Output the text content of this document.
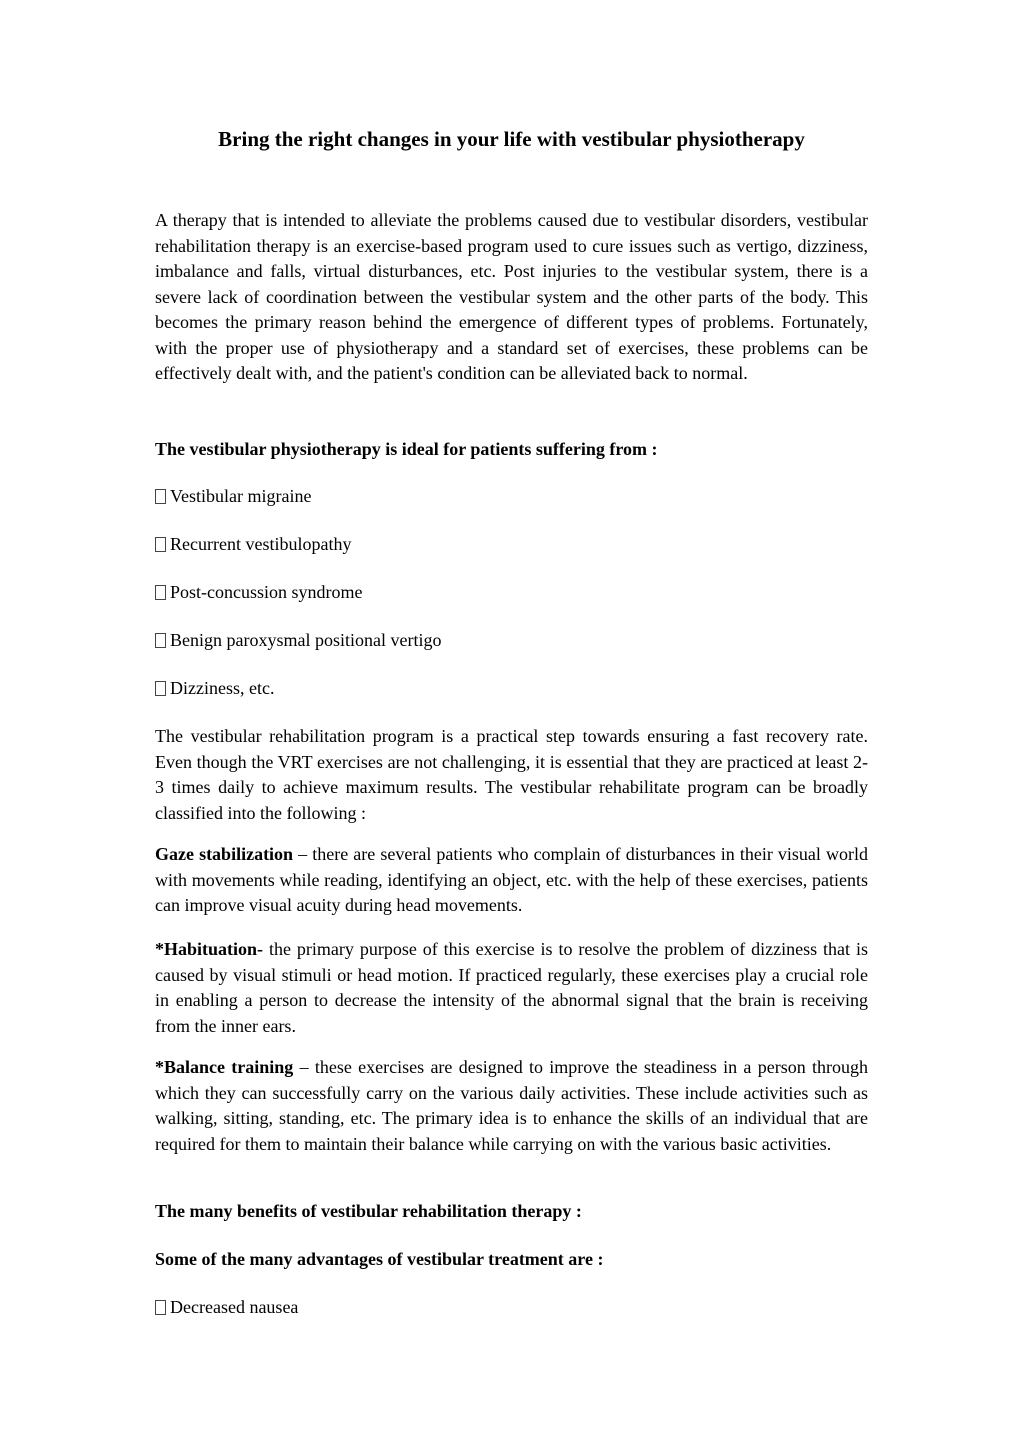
Bring the right changes in your life with vestibular physiotherapy

A therapy that is intended to alleviate the problems caused due to vestibular disorders, vestibular rehabilitation therapy is an exercise-based program used to cure issues such as vertigo, dizziness, imbalance and falls, virtual disturbances, etc. Post injuries to the vestibular system, there is a severe lack of coordination between the vestibular system and the other parts of the body. This becomes the primary reason behind the emergence of different types of problems. Fortunately, with the proper use of physiotherapy and a standard set of exercises, these problems can be effectively dealt with, and the patient's condition can be alleviated back to normal.

The vestibular physiotherapy is ideal for patients suffering from :

Vestibular migraine

Recurrent vestibulopathy

Post-concussion syndrome

Benign paroxysmal positional vertigo

Dizziness, etc.

The vestibular rehabilitation program is a practical step towards ensuring a fast recovery rate. Even though the VRT exercises are not challenging, it is essential that they are practiced at least 2-3 times daily to achieve maximum results. The vestibular rehabilitate program can be broadly classified into the following :

Gaze stabilization – there are several patients who complain of disturbances in their visual world with movements while reading, identifying an object, etc. with the help of these exercises, patients can improve visual acuity during head movements.

*Habituation- the primary purpose of this exercise is to resolve the problem of dizziness that is caused by visual stimuli or head motion. If practiced regularly, these exercises play a crucial role in enabling a person to decrease the intensity of the abnormal signal that the brain is receiving from the inner ears.

*Balance training – these exercises are designed to improve the steadiness in a person through which they can successfully carry on the various daily activities. These include activities such as walking, sitting, standing, etc. The primary idea is to enhance the skills of an individual that are required for them to maintain their balance while carrying on with the various basic activities.

The many benefits of vestibular rehabilitation therapy :

Some of the many advantages of vestibular treatment are :

Decreased nausea
